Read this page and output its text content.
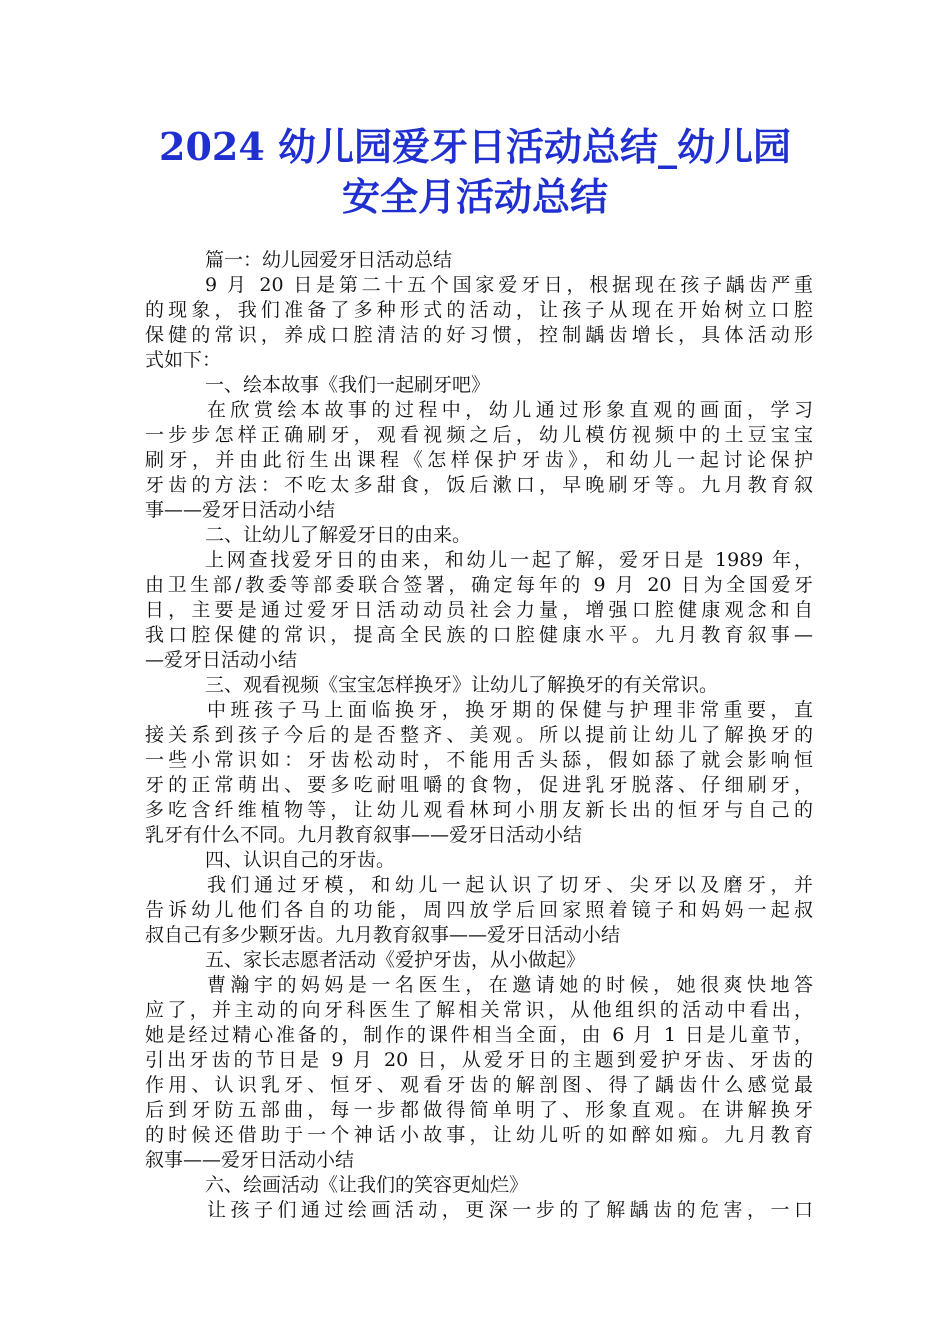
2024 幼儿园爱牙日活动总结_幼儿园
安全月活动总结
篇一：幼儿园爱牙日活动总结
9 月 20 日是第二十五个国家爱牙日，根据现在孩子龋齿严重
的现象，我们准备了多种形式的活动，让孩子从现在开始树立口腔
保健的常识，养成口腔清洁的好习惯，控制龋齿增长，具体活动形
式如下：
一、绘本故事《我们一起刷牙吧》
在欣赏绘本故事的过程中，幼儿通过形象直观的画面，学习
一步步怎样正确刷牙，观看视频之后，幼儿模仿视频中的土豆宝宝
刷牙，并由此衍生出课程《怎样保护牙齿》，和幼儿一起讨论保护
牙齿的方法：不吃太多甜食，饭后漱口，早晚刷牙等。九月教育叙
事——爱牙日活动小结
二、让幼儿了解爱牙日的由来。
上网查找爱牙日的由来，和幼儿一起了解，爱牙日是 1989 年，
由卫生部/教委等部委联合签署，确定每年的 9 月 20 日为全国爱牙
日，主要是通过爱牙日活动动员社会力量，增强口腔健康观念和自
我口腔保健的常识，提高全民族的口腔健康水平。九月教育叙事—
—爱牙日活动小结
三、观看视频《宝宝怎样换牙》让幼儿了解换牙的有关常识。
中班孩子马上面临换牙，换牙期的保健与护理非常重要，直
接关系到孩子今后的是否整齐、美观。所以提前让幼儿了解换牙的
一些小常识如：牙齿松动时，不能用舌头舔，假如舔了就会影响恒
牙的正常萌出、要多吃耐咀嚼的食物，促进乳牙脱落、仔细刷牙，
多吃含纤维植物等，让幼儿观看林珂小朋友新长出的恒牙与自己的
乳牙有什么不同。九月教育叙事——爱牙日活动小结
四、认识自己的牙齿。
我们通过牙模，和幼儿一起认识了切牙、尖牙以及磨牙，并
告诉幼儿他们各自的功能，周四放学后回家照着镜子和妈妈一起叔
叔自己有多少颗牙齿。九月教育叙事——爱牙日活动小结
五、家长志愿者活动《爱护牙齿，从小做起》
曹瀚宇的妈妈是一名医生，在邀请她的时候，她很爽快地答
应了，并主动的向牙科医生了解相关常识，从他组织的活动中看出，
她是经过精心准备的，制作的课件相当全面，由 6 月 1 日是儿童节，
引出牙齿的节日是 9 月 20 日，从爱牙日的主题到爱护牙齿、牙齿的
作用、认识乳牙、恒牙、观看牙齿的解剖图、得了龋齿什么感觉最
后到牙防五部曲，每一步都做得简单明了、形象直观。在讲解换牙
的时候还借助于一个神话小故事，让幼儿听的如醉如痴。九月教育
叙事——爱牙日活动小结
六、绘画活动《让我们的笑容更灿烂》
让孩子们通过绘画活动，更深一步的了解龋齿的危害，一口
